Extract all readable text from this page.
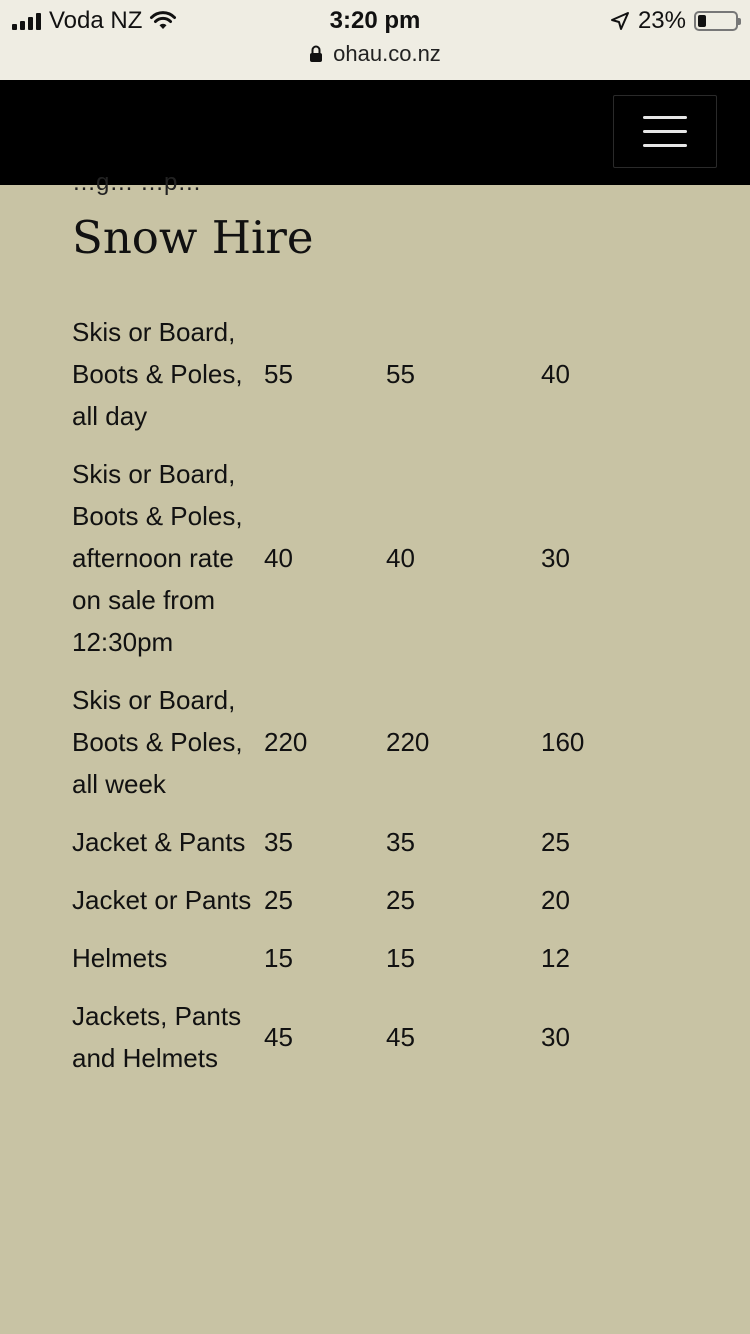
Voda NZ	3:20 pm	23%
ohau.co.nz
…g… …p…
Snow Hire
Skis or Board, Boots & Poles, all day	55	55	40
Skis or Board, Boots & Poles, afternoon rate on sale from 12:30pm	40	40	30
Skis or Board, Boots & Poles, all week	220	220	160
Jacket & Pants	35	35	25
Jacket or Pants	25	25	20
Helmets	15	15	12
Jackets, Pants and Helmets	45	45	30
